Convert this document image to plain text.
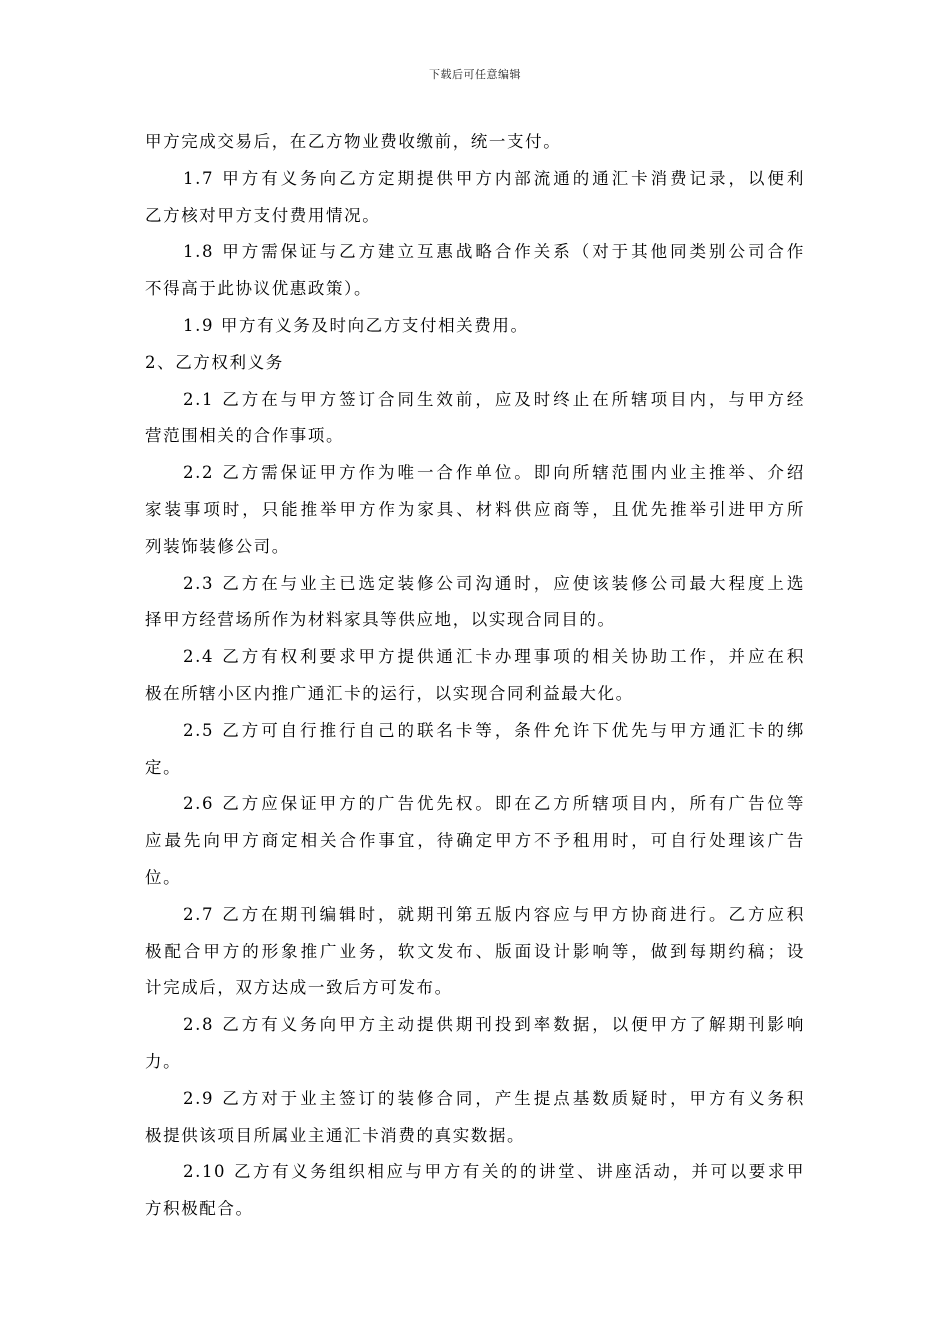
下载后可任意编辑
甲方完成交易后，在乙方物业费收缴前，统一支付。
1.7 甲方有义务向乙方定期提供甲方内部流通的通汇卡消费记录，以便利
乙方核对甲方支付费用情况。
1.8 甲方需保证与乙方建立互惠战略合作关系（对于其他同类别公司合作
不得高于此协议优惠政策）。
1.9 甲方有义务及时向乙方支付相关费用。
2、乙方权利义务
2.1 乙方在与甲方签订合同生效前，应及时终止在所辖项目内，与甲方经
营范围相关的合作事项。
2.2 乙方需保证甲方作为唯一合作单位。即向所辖范围内业主推举、介绍
家装事项时，只能推举甲方作为家具、材料供应商等，且优先推举引进甲方所
列装饰装修公司。
2.3 乙方在与业主已选定装修公司沟通时，应使该装修公司最大程度上选
择甲方经营场所作为材料家具等供应地，以实现合同目的。
2.4 乙方有权利要求甲方提供通汇卡办理事项的相关协助工作，并应在积
极在所辖小区内推广通汇卡的运行，以实现合同利益最大化。
2.5 乙方可自行推行自己的联名卡等，条件允许下优先与甲方通汇卡的绑
定。
2.6 乙方应保证甲方的广告优先权。即在乙方所辖项目内，所有广告位等
应最先向甲方商定相关合作事宜，待确定甲方不予租用时，可自行处理该广告
位。
2.7 乙方在期刊编辑时，就期刊第五版内容应与甲方协商进行。乙方应积
极配合甲方的形象推广业务，软文发布、版面设计影响等，做到每期约稿；设
计完成后，双方达成一致后方可发布。
2.8 乙方有义务向甲方主动提供期刊投到率数据，以便甲方了解期刊影响
力。
2.9 乙方对于业主签订的装修合同，产生提点基数质疑时，甲方有义务积
极提供该项目所属业主通汇卡消费的真实数据。
2.10 乙方有义务组织相应与甲方有关的的讲堂、讲座活动，并可以要求甲
方积极配合。
